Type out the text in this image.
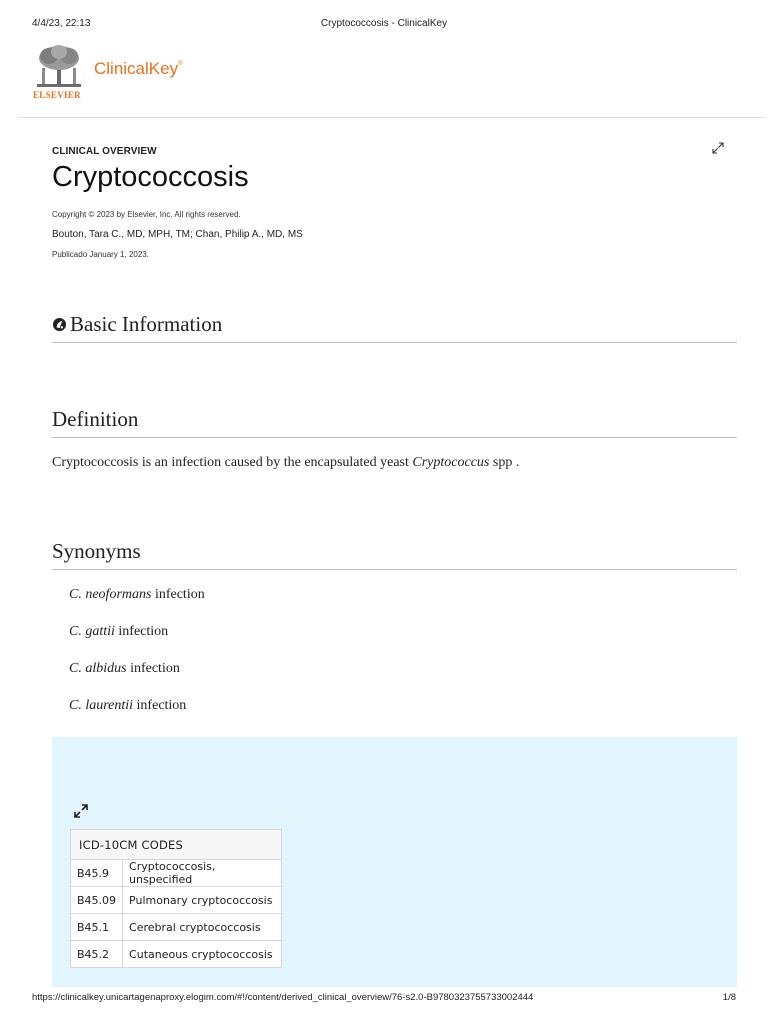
4/4/23, 22:13	Cryptococcosis - ClinicalKey
ELSEVIER
ClinicalKey®
CLINICAL OVERVIEW
Cryptococcosis
Copyright © 2023 by Elsevier, Inc. All rights reserved.
Bouton, Tara C., MD, MPH, TM; Chan, Philip A., MD, MS
Publicado January 1, 2023.
Basic Information
Definition

Cryptococcosis is an infection caused by the encapsulated yeast Cryptococcus spp .

Synonyms
C. neoformans infection
C. gattii infection
C. albidus infection
C. laurentii infection
ICD-10CM CODES	
B45.9	Cryptococcosis, unspecified
B45.09	Pulmonary cryptococcosis
B45.1	Cerebral cryptococcosis
B45.2	Cutaneous cryptococcosis
https://clinicalkey.unicartagenaproxy.elogim.com/#!/content/derived_clinical_overview/76-s2.0-B9780323755733002444	1/8
